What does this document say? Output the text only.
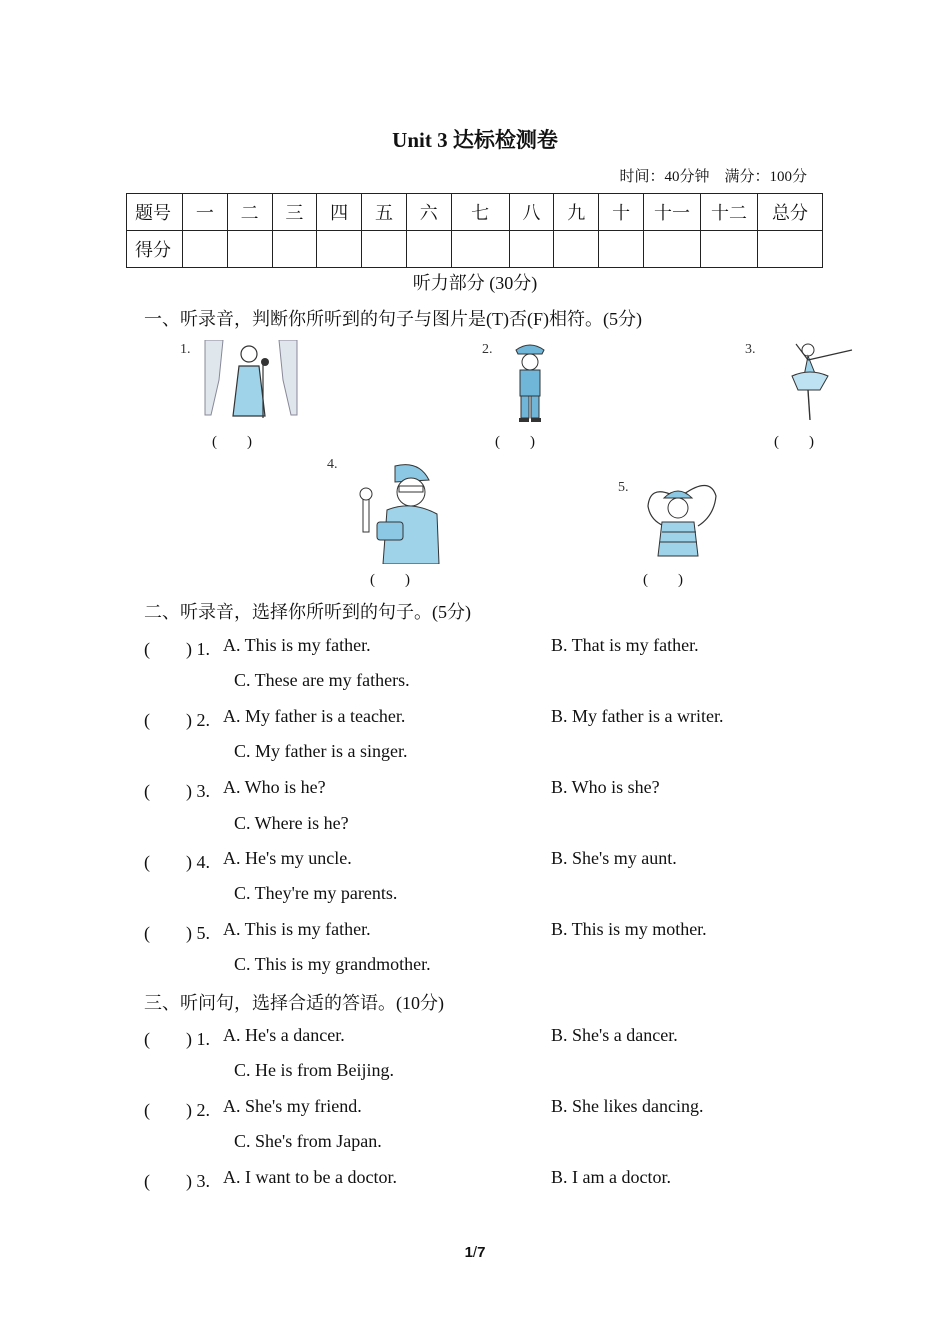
Unit 3 达标检测卷
时间：40分钟　满分：100分
题号	一	二	三	四	五	六	七	八	九	十	十一	十二	总分
得分													
听力部分 (30分)
一、听录音，判断你所听到的句子与图片是(T)否(F)相符。(5分)
1.
(　　)
2.
(　　)
3.
(　　)
4.
(　　)
5.
(　　)
二、听录音，选择你所听到的句子。(5分)
(　　) 1. A. This is my father.	B. That is my father.
C. These are my fathers.
(　　) 2. A. My father is a teacher.	B. My father is a writer.
C. My father is a singer.
(　　) 3. A. Who is he?	B. Who is she?
C. Where is he?
(　　) 4. A. He's my uncle.	B. She's my aunt.
C. They're my parents.
(　　) 5. A. This is my father.	B. This is my mother.
C. This is my grandmother.
三、听问句，选择合适的答语。(10分)
(　　) 1. A. He's a dancer.	B. She's a dancer.
C. He is from Beijing.
(　　) 2. A. She's my friend.	B. She likes dancing.
C. She's from Japan.
(　　) 3. A. I want to be a doctor.	B. I am a doctor.
1/7
